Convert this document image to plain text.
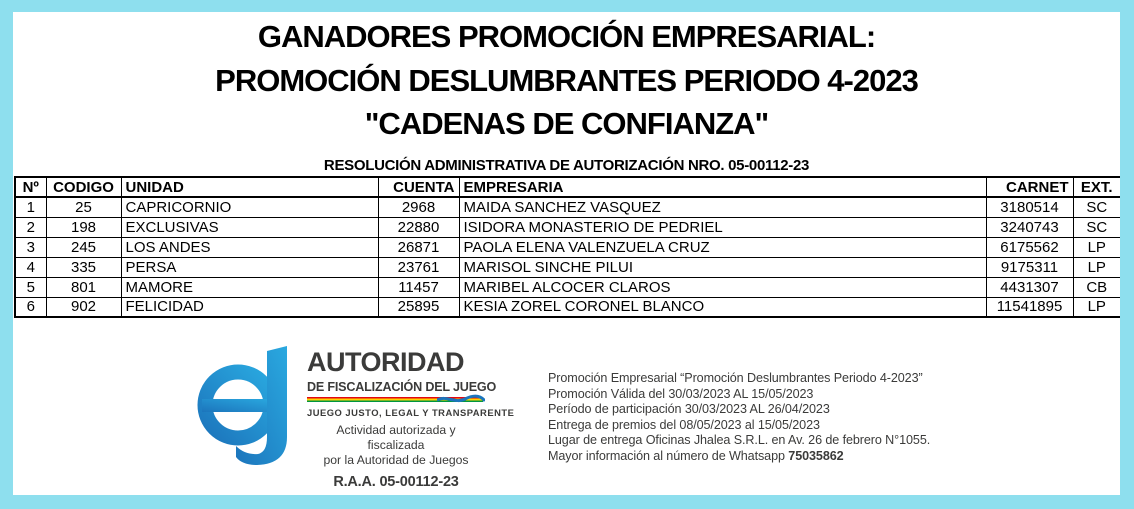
GANADORES PROMOCIÓN EMPRESARIAL:
PROMOCIÓN DESLUMBRANTES PERIODO 4-2023
"CADENAS DE CONFIANZA"
RESOLUCIÓN ADMINISTRATIVA DE AUTORIZACIÓN NRO. 05-00112-23
Nº	CODIGO	UNIDAD	CUENTA	EMPRESARIA	CARNET	EXT.
1	25	CAPRICORNIO	2968	MAIDA SANCHEZ VASQUEZ	3180514	SC
2	198	EXCLUSIVAS	22880	ISIDORA MONASTERIO DE PEDRIEL	3240743	SC
3	245	LOS ANDES	26871	PAOLA ELENA VALENZUELA CRUZ	6175562	LP
4	335	PERSA	23761	MARISOL SINCHE PILUI	9175311	LP
5	801	MAMORE	11457	MARIBEL ALCOCER CLAROS	4431307	CB
6	902	FELICIDAD	25895	KESIA ZOREL CORONEL BLANCO	11541895	LP
AUTORIDAD
DE FISCALIZACIÓN DEL JUEGO
JUEGO JUSTO, LEGAL Y TRANSPARENTE
Actividad autorizada y fiscalizada
por la Autoridad de Juegos
R.A.A. 05-00112-23
Promoción Empresarial “Promoción Deslumbrantes Periodo 4-2023”
Promoción Válida del 30/03/2023 AL 15/05/2023
Período de participación 30/03/2023 AL 26/04/2023
Entrega de premios del 08/05/2023 al 15/05/2023
Lugar de entrega Oficinas Jhalea S.R.L. en Av. 26 de febrero N°1055.
Mayor información al número de Whatsapp 75035862
